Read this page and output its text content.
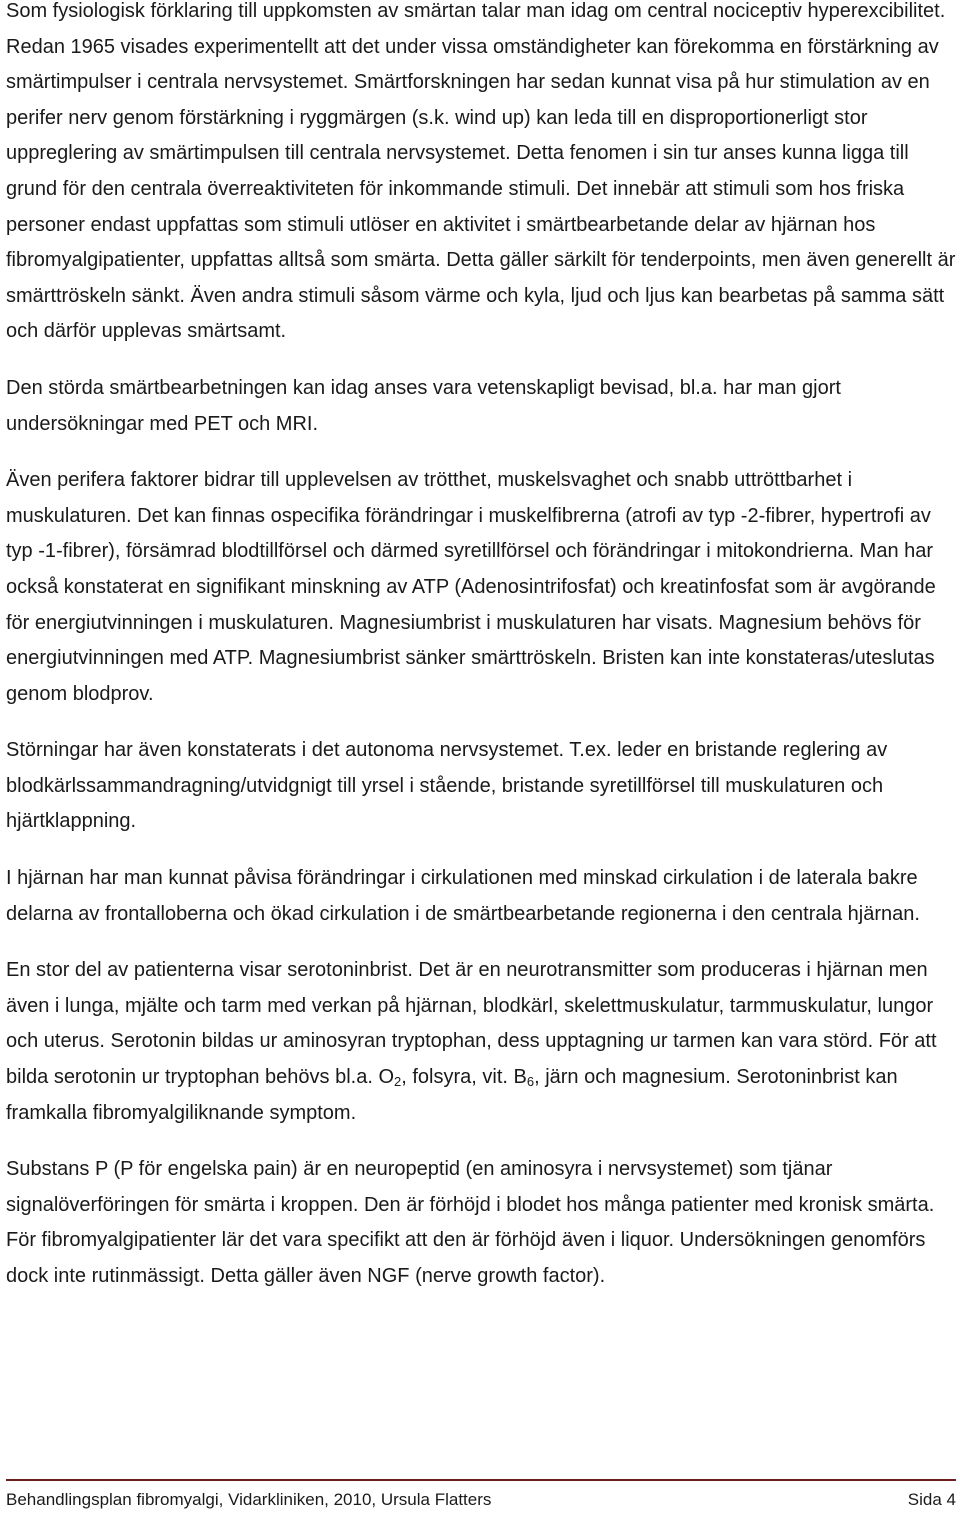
Som fysiologisk förklaring till uppkomsten av smärtan talar man idag om central nociceptiv hyperexcibilitet. Redan 1965 visades experimentellt att det under vissa omständigheter kan förekomma en förstärkning av smärtimpulser i centrala nervsystemet. Smärtforskningen har sedan kunnat visa på hur stimulation av en perifer nerv genom förstärkning i ryggmärgen (s.k. wind up) kan leda till en disproportionerligt stor uppreglering av smärtimpulsen till centrala nervsystemet. Detta fenomen i sin tur anses kunna ligga till grund för den centrala överreaktiviteten för inkommande stimuli. Det innebär att stimuli som hos friska personer endast uppfattas som stimuli utlöser en aktivitet i smärtbearbetande delar av hjärnan hos fibromyalgipatienter, uppfattas alltså som smärta. Detta gäller särkilt för tenderpoints, men även generellt är smärttröskeln sänkt. Även andra stimuli såsom värme och kyla, ljud och ljus kan bearbetas på samma sätt och därför upplevas smärtsamt.

Den störda smärtbearbetningen kan idag anses vara vetenskapligt bevisad, bl.a. har man gjort undersökningar med PET och MRI.

Även perifera faktorer bidrar till upplevelsen av trötthet, muskelsvaghet och snabb uttröttbarhet i muskulaturen. Det kan finnas ospecifika förändringar i muskelfibrerna (atrofi av typ -2-fibrer, hypertrofi av typ -1-fibrer), försämrad blodtillförsel och därmed syretillförsel och förändringar i mitokondrierna. Man har också konstaterat en signifikant minskning av ATP (Adenosintrifosfat) och kreatinfosfat som är avgörande för energiutvinningen i muskulaturen. Magnesiumbrist i muskulaturen har visats. Magnesium behövs för energiutvinningen med ATP. Magnesiumbrist sänker smärttröskeln. Bristen kan inte konstateras/uteslutas genom blodprov.

Störningar har även konstaterats i det autonoma nervsystemet. T.ex. leder en bristande reglering av blodkärlssammandragning/utvidgnigt till yrsel i stående, bristande syretillförsel till muskulaturen och hjärtklappning.

I hjärnan har man kunnat påvisa förändringar i cirkulationen med minskad cirkulation i de laterala bakre delarna av frontalloberna och ökad cirkulation i de smärtbearbetande regionerna i den centrala hjärnan.

En stor del av patienterna visar serotoninbrist. Det är en neurotransmitter som produceras i hjärnan men även i lunga, mjälte och tarm med verkan på hjärnan, blodkärl, skelettmuskulatur, tarmmuskulatur, lungor och uterus. Serotonin bildas ur aminosyran tryptophan, dess upptagning ur tarmen kan vara störd. För att bilda serotonin ur tryptophan behövs bl.a. $O_2$, folsyra, vit. $B_6$, järn och magnesium. Serotoninbrist kan framkalla fibromyalgiliknande symptom.

Substans P (P för engelska pain) är en neuropeptid (en aminosyra i nervsystemet) som tjänar signalöverföringen för smärta i kroppen. Den är förhöjd i blodet hos många patienter med kronisk smärta. För fibromyalgipatienter lär det vara specifikt att den är förhöjd även i liquor. Undersökningen genomförs dock inte rutinmässigt. Detta gäller även NGF (nerve growth factor).

Behandlingsplan fibromyalgi, Vidarkliniken, 2010, Ursula Flatters	Sida 4
